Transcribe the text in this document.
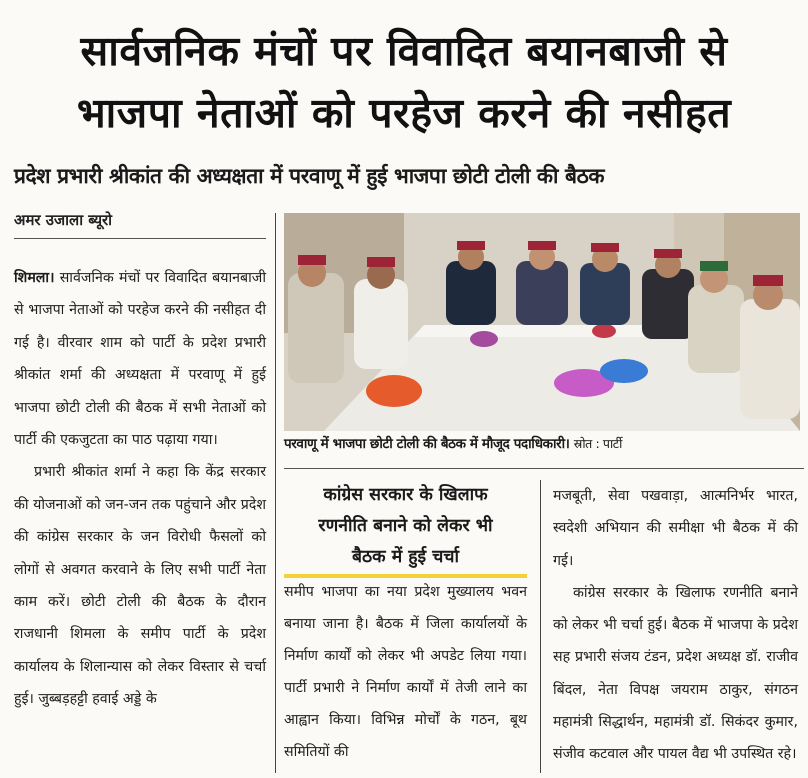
सार्वजनिक मंचों पर विवादित बयानबाजी से
भाजपा नेताओं को परहेज करने की नसीहत
प्रदेश प्रभारी श्रीकांत की अध्यक्षता में परवाणू में हुई भाजपा छोटी टोली की बैठक
अमर उजाला ब्यूरो

शिमला। सार्वजनिक मंचों पर विवादित बयानबाजी से भाजपा नेताओं को परहेज करने की नसीहत दी गई है। वीरवार शाम को पार्टी के प्रदेश प्रभारी श्रीकांत शर्मा की अध्यक्षता में परवाणू में हुई भाजपा छोटी टोली की बैठक में सभी नेताओं को पार्टी की एकजुटता का पाठ पढ़ाया गया।

प्रभारी श्रीकांत शर्मा ने कहा कि केंद्र सरकार की योजनाओं को जन-जन तक पहुंचाने और प्रदेश की कांग्रेस सरकार के जन विरोधी फैसलों को लोगों से अवगत करवाने के लिए सभी पार्टी नेता काम करें। छोटी टोली की बैठक के दौरान राजधानी शिमला के समीप पार्टी के प्रदेश कार्यालय के शिलान्यास को लेकर विस्तार से चर्चा हुई। जुब्बड़हट्टी हवाई अड्डे के

परवाणू में भाजपा छोटी टोली की बैठक में मौजूद पदाधिकारी। स्रोत : पार्टी
कांग्रेस सरकार के खिलाफ
रणनीति बनाने को लेकर भी
बैठक में हुई चर्चा

समीप भाजपा का नया प्रदेश मुख्यालय भवन बनाया जाना है। बैठक में जिला कार्यालयों के निर्माण कार्यों को लेकर भी अपडेट लिया गया। पार्टी प्रभारी ने निर्माण कार्यों में तेजी लाने का आह्वान किया। विभिन्न मोर्चों के गठन, बूथ समितियों की

मजबूती, सेवा पखवाड़ा, आत्मनिर्भर भारत, स्वदेशी अभियान की समीक्षा भी बैठक में की गई।

कांग्रेस सरकार के खिलाफ रणनीति बनाने को लेकर भी चर्चा हुई। बैठक में भाजपा के प्रदेश सह प्रभारी संजय टंडन, प्रदेश अध्यक्ष डॉ. राजीव बिंदल, नेता विपक्ष जयराम ठाकुर, संगठन महामंत्री सिद्धार्थन, महामंत्री डॉ. सिकंदर कुमार, संजीव कटवाल और पायल वैद्य भी उपस्थित रहे।
